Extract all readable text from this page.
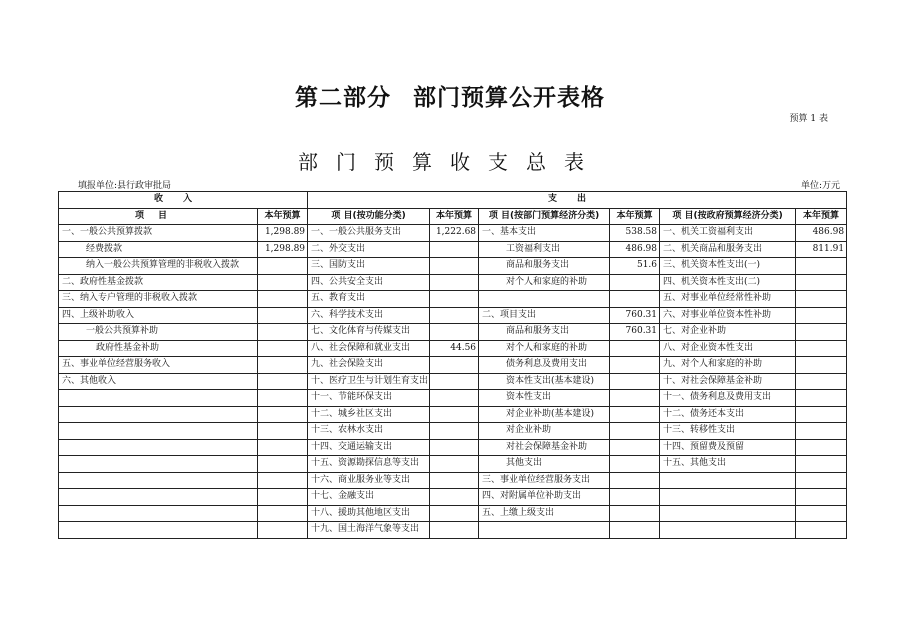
第二部分 部门预算公开表格
预算 1 表
部门预算收支总表
填报单位:县行政审批局	单位:万元
收入		支出					
项目	本年预算	项 目(按功能分类)	本年预算	项 目(按部门预算经济分类)	本年预算	项 目(按政府预算经济分类)	本年预算
一、一般公共预算拨款	1,298.89	一、一般公共服务支出	1,222.68	一、基本支出	538.58	一、机关工资福利支出	486.98
经费拨款	1,298.89	二、外交支出		工资福利支出	486.98	二、机关商品和服务支出	811.91
纳入一般公共预算管理的非税收入拨款		三、国防支出		商品和服务支出	51.6	三、机关资本性支出(一)	
二、政府性基金拨款		四、公共安全支出		对个人和家庭的补助		四、机关资本性支出(二)	
三、纳入专户管理的非税收入拨款		五、教育支出				五、对事业单位经常性补助	
四、上级补助收入		六、科学技术支出		二、项目支出	760.31	六、对事业单位资本性补助	
一般公共预算补助		七、文化体育与传媒支出		商品和服务支出	760.31	七、对企业补助	
政府性基金补助		八、社会保障和就业支出	44.56	对个人和家庭的补助		八、对企业资本性支出	
五、事业单位经营服务收入		九、社会保险支出		债务利息及费用支出		九、对个人和家庭的补助	
六、其他收入		十、医疗卫生与计划生育支出		资本性支出(基本建设)		十、对社会保障基金补助	
		十一、节能环保支出		资本性支出		十一、债务利息及费用支出	
		十二、城乡社区支出		对企业补助(基本建设)		十二、债务还本支出	
		十三、农林水支出		对企业补助		十三、转移性支出	
		十四、交通运输支出		对社会保障基金补助		十四、预留费及预留	
		十五、资源勘探信息等支出		其他支出		十五、其他支出	
		十六、商业服务业等支出		三、事业单位经营服务支出			
		十七、金融支出		四、对附属单位补助支出			
		十八、援助其他地区支出		五、上缴上级支出			
		十九、国土海洋气象等支出					
